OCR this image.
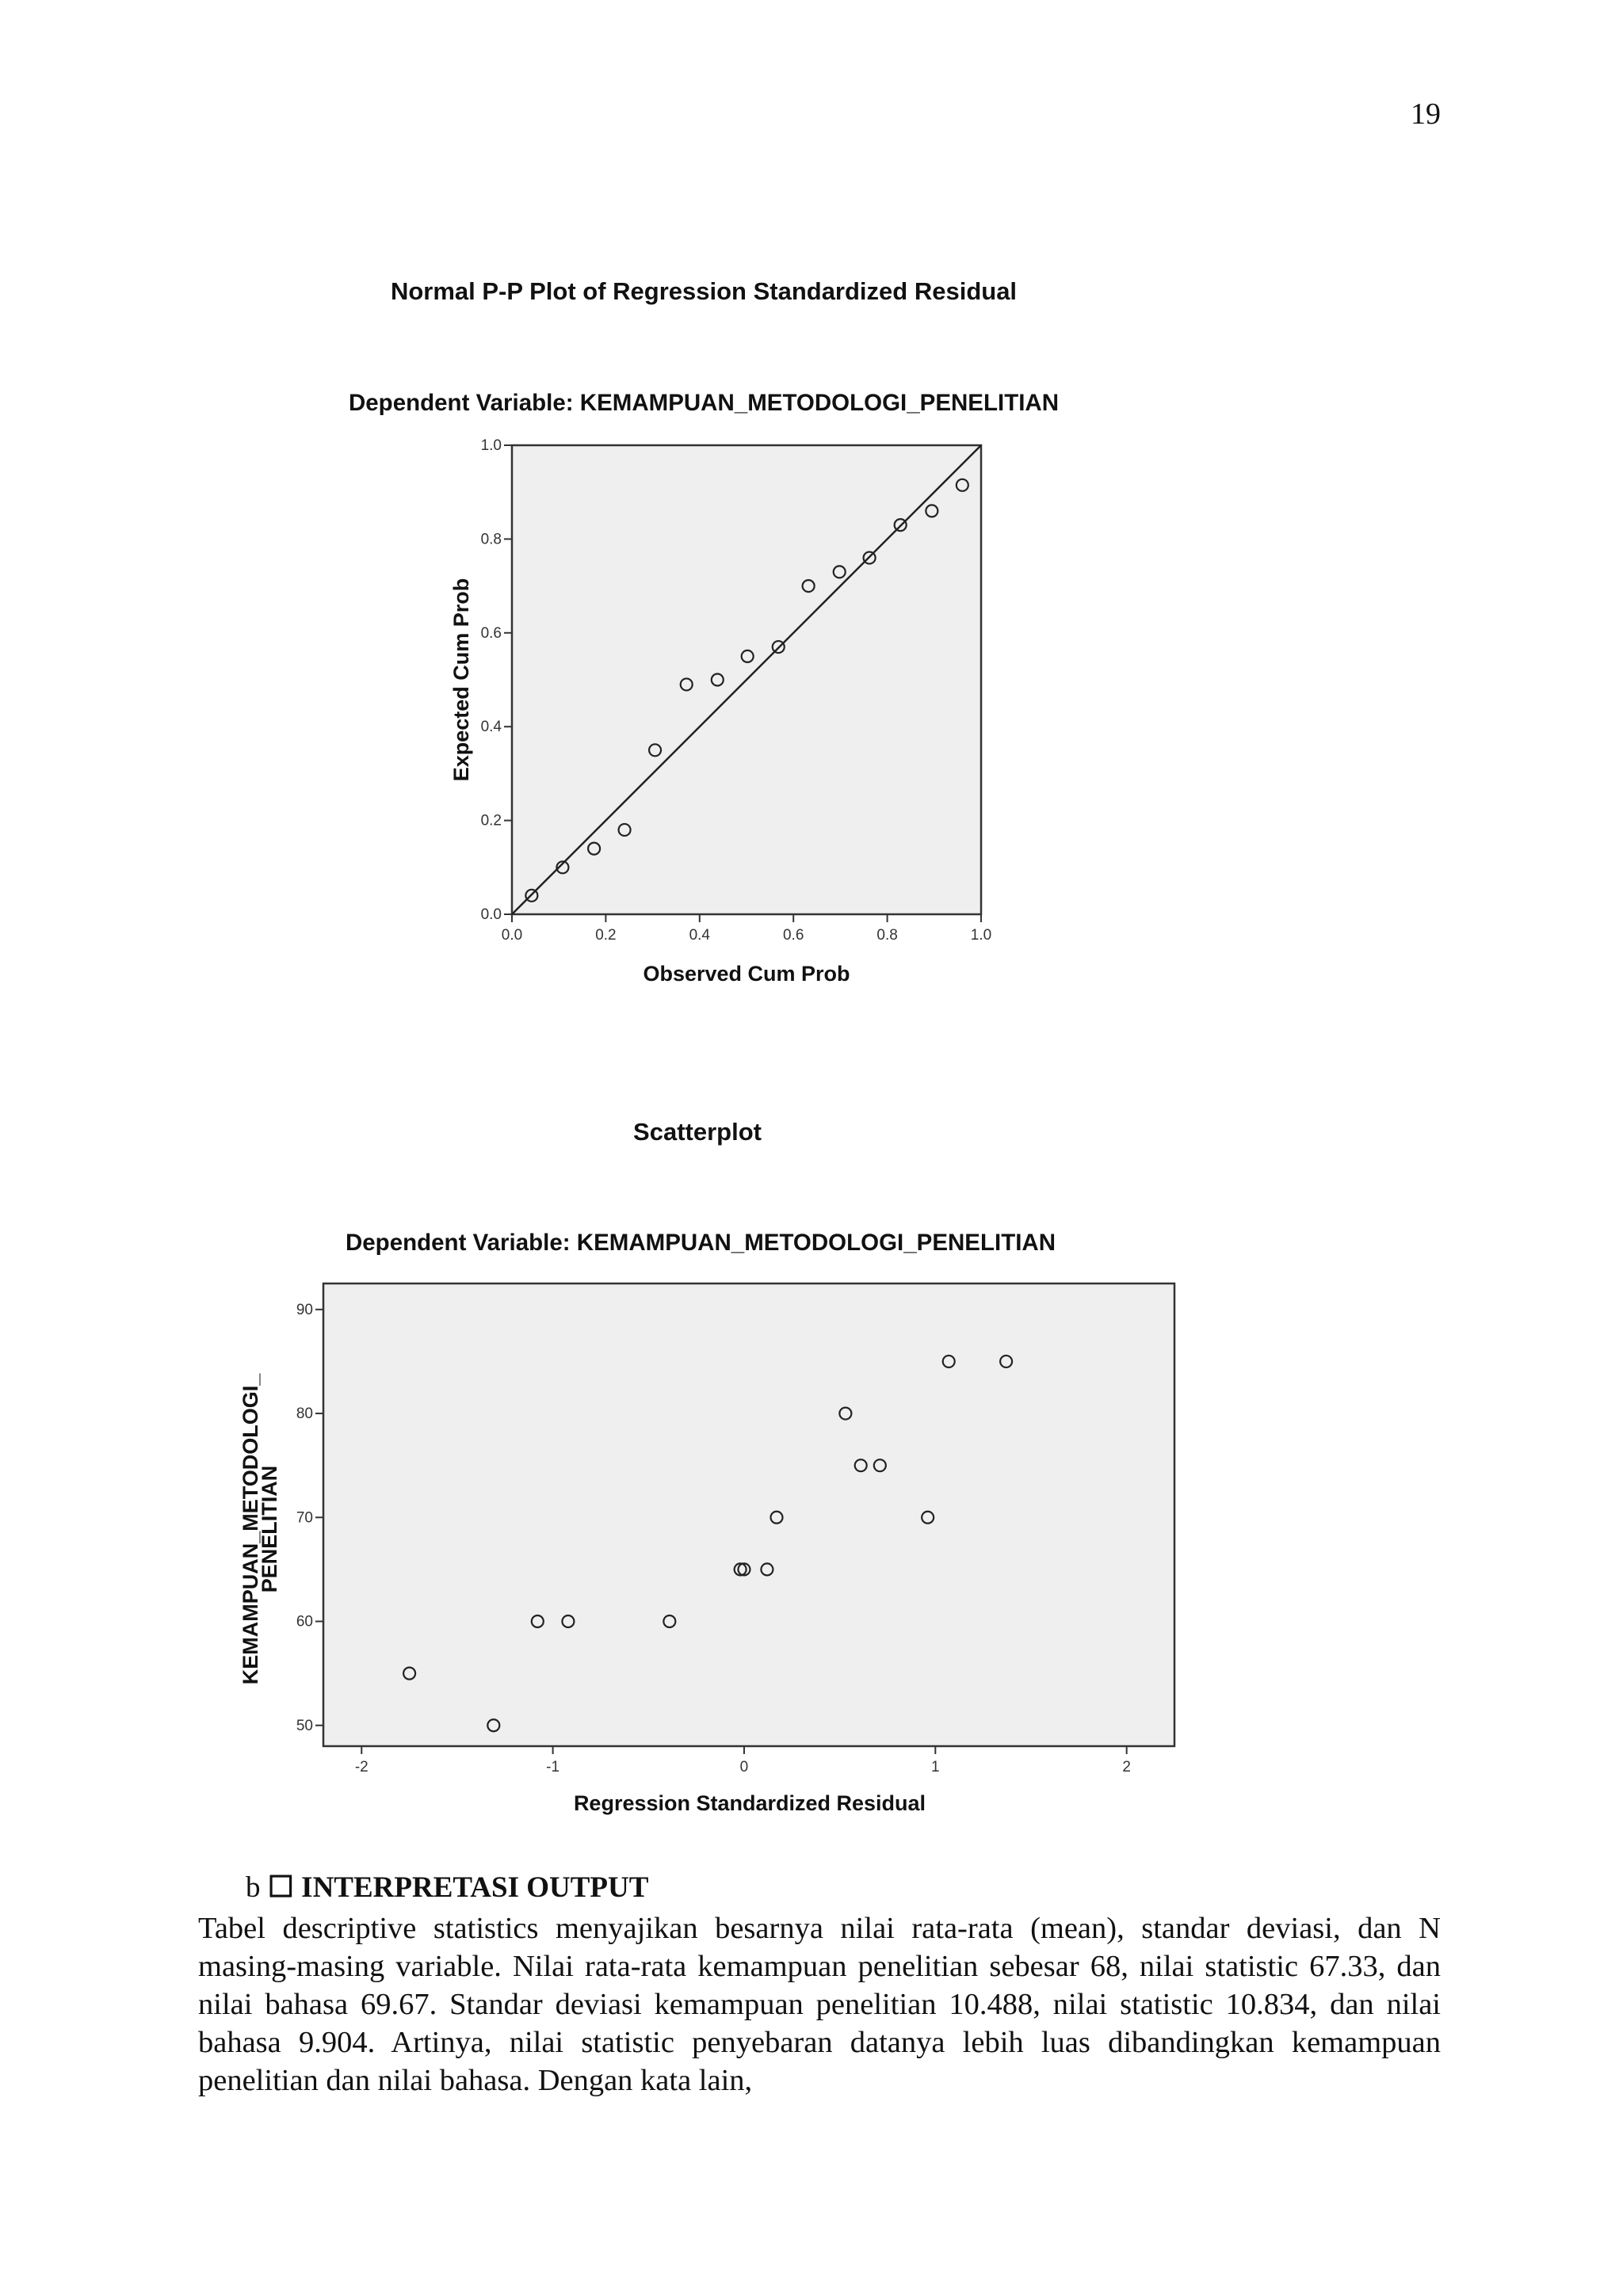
19
Normal P-P Plot of Regression Standardized Residual
Dependent Variable: KEMAMPUAN_METODOLOGI_PENELITIAN
0.0	0.2	0.4	0.6	0.8	1.0
0.0
0.2
0.4
0.6
0.8
1.0
Observed Cum Prob
Expected Cum Prob
Scatterplot
Dependent Variable: KEMAMPUAN_METODOLOGI_PENELITIAN
-2	-1	0	1	2
50
60
70
80
90
Regression Standardized Residual
KEMAMPUAN_METODOLOGI_
PENELITIAN
b ☐ INTERPRETASI OUTPUT

Tabel descriptive statistics menyajikan besarnya nilai rata-rata (mean), standar deviasi, dan N masing-masing variable. Nilai rata-rata kemampuan penelitian sebesar 68, nilai statistic 67.33, dan nilai bahasa 69.67. Standar deviasi kemampuan penelitian 10.488, nilai statistic 10.834, dan nilai bahasa 9.904. Artinya, nilai statistic penyebaran datanya lebih luas dibandingkan kemampuan penelitian dan nilai bahasa. Dengan kata lain,
